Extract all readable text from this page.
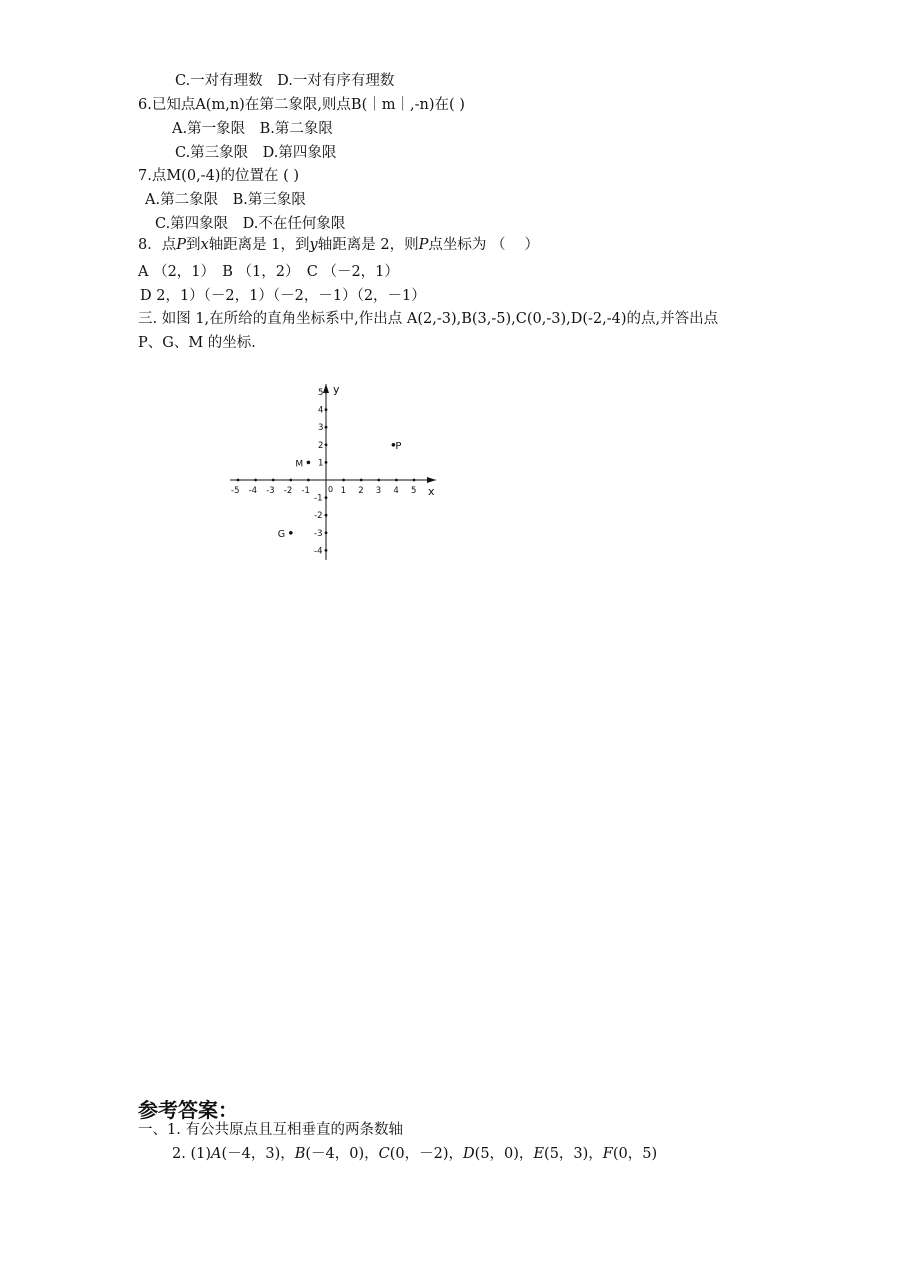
C.一对有理数　D.一对有序有理数
6.已知点A(m,n)在第二象限,则点B(｜m｜,-n)在( )
A.第一象限　B.第二象限
C.第三象限　D.第四象限
7.点M(0,-4)的位置在 ( )
A.第二象限　B.第三象限
C.第四象限　D.不在任何象限
8．点P到x轴距离是 1，到y轴距离是 2，则P点坐标为 （　 ）
A （2，1）　B （1，2）　C （－2，1）
D 2，1）（－2，1）（－2，－1）（2，－1）
三. 如图 1,在所给的直角坐标系中,作出点 A(2,-3),B(3,-5),C(0,-3),D(-2,-4)的点,并答出点
P、G、M 的坐标.
x
y
0
-5 -4 -3 -2 -1	1 2 3 4 5
5
4
3
2
1
-1
-2
-3
-4
P
M
G
参考答案：
一、1. 有公共原点且互相垂直的两条数轴
2. (1)A(－4，3)，B(－4，0)，C(0，－2)，D(5，0)，E(5，3)，F(0，5)
